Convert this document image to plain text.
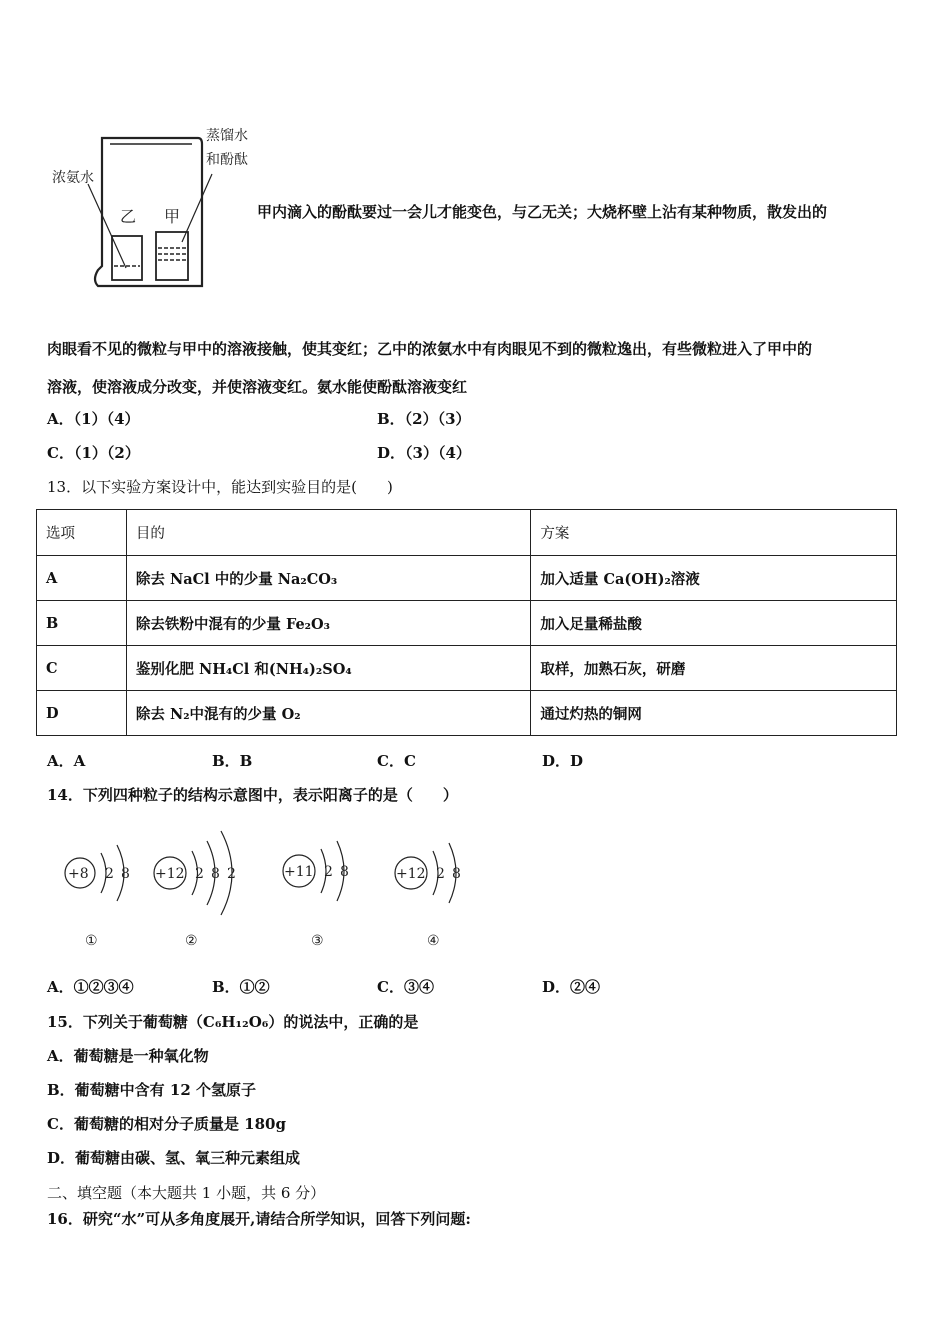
浓氨水
蒸馏水
和酚酞
乙 甲	甲内滴入的酚酞要过一会儿才能变色，与乙无关；大烧杯壁上沾有某种物质，散发出的
肉眼看不见的微粒与甲中的溶液接触，使其变红；乙中的浓氨水中有肉眼见不到的微粒逸出，有些微粒进入了甲中的
溶液，使溶液成分改变，并使溶液变红。氨水能使酚酞溶液变红
A．（1）（4）	B．（2）（3）
C．（1）（2）	D．（3）（4）
13．以下实验方案设计中，能达到实验目的是(　　)
选项	目的	方案
A	除去 NaCl 中的少量 Na₂CO₃	加入适量 Ca(OH)₂溶液
B	除去铁粉中混有的少量 Fe₂O₃	加入足量稀盐酸
C	鉴别化肥 NH₄Cl 和(NH₄)₂SO₄	取样，加熟石灰，研磨
D	除去 N₂中混有的少量 O₂	通过灼热的铜网
A．A	B．B	C．C	D．D
14．下列四种粒子的结构示意图中，表示阳离子的是（　　）
+8 2 8
①
+12 2 8 2
②
+11 2 8
③
+12 2 8
④
A．①②③④	B．①②	C．③④	D．②④
15．下列关于葡萄糖（C₆H₁₂O₆）的说法中，正确的是
A．葡萄糖是一种氧化物
B．葡萄糖中含有 12 个氢原子
C．葡萄糖的相对分子质量是 180g
D．葡萄糖由碳、氢、氧三种元素组成
二、填空题（本大题共 1 小题，共 6 分）
16．研究“水”可从多角度展开,请结合所学知识，回答下列问题:
